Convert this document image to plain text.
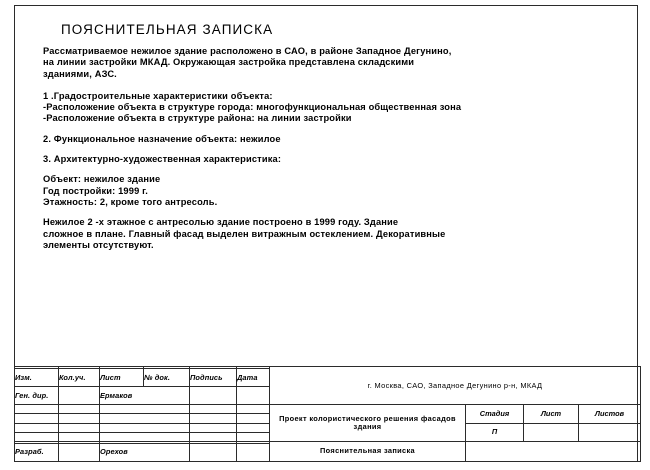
ПОЯСНИТЕЛЬНАЯ ЗАПИСКА
Рассматриваемое нежилое здание расположено в САО, в районе Западное Дегунино,
на линии застройки МКАД. Окружающая застройка представлена складскими
зданиями, АЗС.
1 .Градостроительные характеристики объекта:
-Расположение объекта в структуре города: многофункциональная общественная зона
-Расположение объекта в структуре района: на линии застройки
2. Функциональное назначение объекта: нежилое
3. Архитектурно-художественная характеристика:
Объект: нежилое здание
Год постройки: 1999 г.
Этажность: 2, кроме того антресоль.
Нежилое 2 -х этажное с антресолью здание построено в 1999 году. Здание
сложное в плане. Главный фасад выделен витражным остеклением. Декоративные
элементы отсутствуют.
						г. Москва, САО, Западное Дегунино р-н, МКАД			
Изм.	Кол.уч.	Лист	№ док.	Подпись	Дата				
Ген. дир.		Ермаков							
						Проект колористического решения фасадов здания	Стадия	Лист	Листов

							П		

						Пояснительная записка			
Разраб.		Орехов							
